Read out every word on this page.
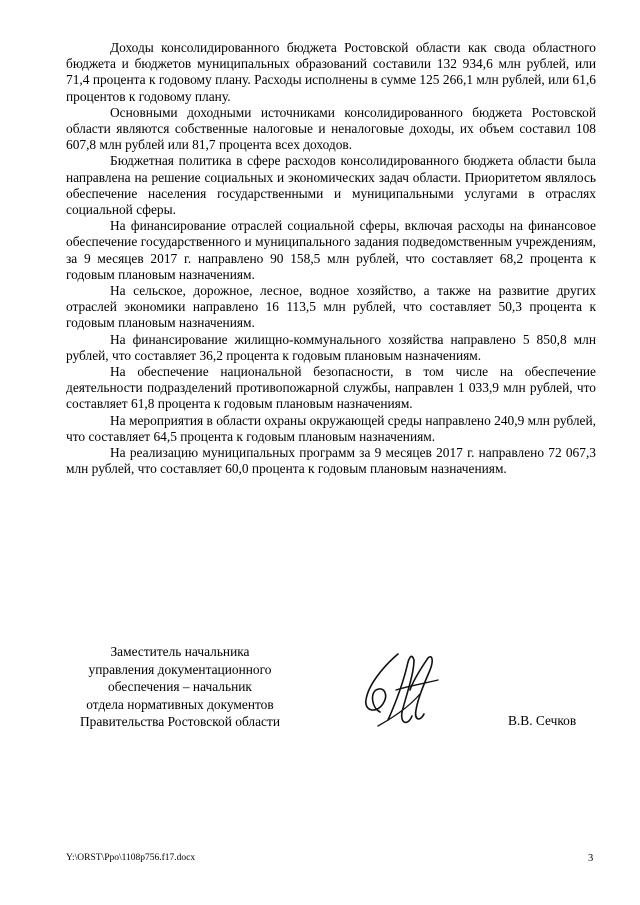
Доходы консолидированного бюджета Ростовской области как свода областного бюджета и бюджетов муниципальных образований составили 132 934,6 млн рублей, или 71,4 процента к годовому плану. Расходы исполнены в сумме 125 266,1 млн рублей, или 61,6 процентов к годовому плану.

Основными доходными источниками консолидированного бюджета Ростовской области являются собственные налоговые и неналоговые доходы, их объем составил 108 607,8 млн рублей или 81,7 процента всех доходов.

Бюджетная политика в сфере расходов консолидированного бюджета области была направлена на решение социальных и экономических задач области. Приоритетом являлось обеспечение населения государственными и муниципальными услугами в отраслях социальной сферы.

На финансирование отраслей социальной сферы, включая расходы на финансовое обеспечение государственного и муниципального задания подведомственным учреждениям, за 9 месяцев 2017 г. направлено 90 158,5 млн рублей, что составляет 68,2 процента к годовым плановым назначениям.

На сельское, дорожное, лесное, водное хозяйство, а также на развитие других отраслей экономики направлено 16 113,5 млн рублей, что составляет 50,3 процента к годовым плановым назначениям.

На финансирование жилищно-коммунального хозяйства направлено 5 850,8 млн рублей, что составляет 36,2 процента к годовым плановым назначениям.

На обеспечение национальной безопасности, в том числе на обеспечение деятельности подразделений противопожарной службы, направлен 1 033,9 млн рублей, что составляет 61,8 процента к годовым плановым назначениям.

На мероприятия в области охраны окружающей среды направлено 240,9 млн рублей, что составляет 64,5 процента к годовым плановым назначениям.

На реализацию муниципальных программ за 9 месяцев 2017 г. направлено 72 067,3 млн рублей, что составляет 60,0 процента к годовым плановым назначениям.

Заместитель начальника
управления документационного
обеспечения – начальник
отдела нормативных документов
Правительства Ростовской области	В.В. Сечков
Y:\ORST\Ppo\1108p756.f17.docx	3
